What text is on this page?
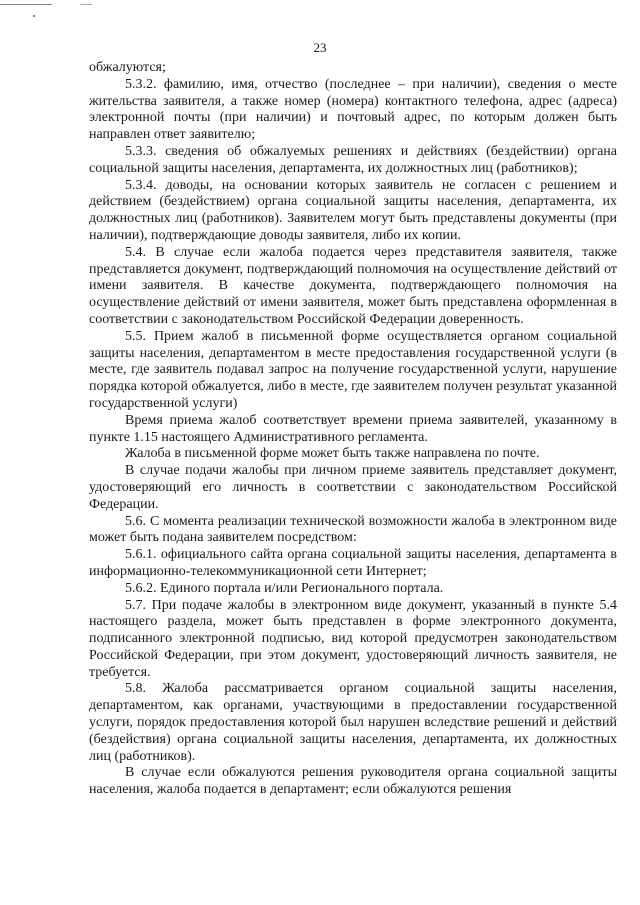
23

обжалуются;

5.3.2. фамилию, имя, отчество (последнее – при наличии), сведения о месте жительства заявителя, а также номер (номера) контактного телефона, адрес (адреса) электронной почты (при наличии) и почтовый адрес, по которым должен быть направлен ответ заявителю;

5.3.3. сведения об обжалуемых решениях и действиях (бездействии) органа социальной защиты населения, департамента, их должностных лиц (работников);

5.3.4. доводы, на основании которых заявитель не согласен с решением и действием (бездействием) органа социальной защиты населения, департамента, их должностных лиц (работников). Заявителем могут быть представлены документы (при наличии), подтверждающие доводы заявителя, либо их копии.

5.4. В случае если жалоба подается через представителя заявителя, также представляется документ, подтверждающий полномочия на осуществление действий от имени заявителя. В качестве документа, подтверждающего полномочия на осуществление действий от имени заявителя, может быть представлена оформленная в соответствии с законодательством Российской Федерации доверенность.

5.5. Прием жалоб в письменной форме осуществляется органом социальной защиты населения, департаментом в месте предоставления государственной услуги (в месте, где заявитель подавал запрос на получение государственной услуги, нарушение порядка которой обжалуется, либо в месте, где заявителем получен результат указанной государственной услуги)

Время приема жалоб соответствует времени приема заявителей, указанному в пункте 1.15 настоящего Административного регламента.

Жалоба в письменной форме может быть также направлена по почте.

В случае подачи жалобы при личном приеме заявитель представляет документ, удостоверяющий его личность в соответствии с законодательством Российской Федерации.

5.6. С момента реализации технической возможности жалоба в электронном виде может быть подана заявителем посредством:

5.6.1. официального сайта органа социальной защиты населения, департамента в информационно-телекоммуникационной сети Интернет;

5.6.2. Единого портала и/или Регионального портала.

5.7. При подаче жалобы в электронном виде документ, указанный в пункте 5.4 настоящего раздела, может быть представлен в форме электронного документа, подписанного электронной подписью, вид которой предусмотрен законодательством Российской Федерации, при этом документ, удостоверяющий личность заявителя, не требуется.

5.8. Жалоба рассматривается органом социальной защиты населения, департаментом, как органами, участвующими в предоставлении государственной услуги, порядок предоставления которой был нарушен вследствие решений и действий (бездействия) органа социальной защиты населения, департамента, их должностных лиц (работников).

В случае если обжалуются решения руководителя органа социальной защиты населения, жалоба подается в департамент; если обжалуются решения
